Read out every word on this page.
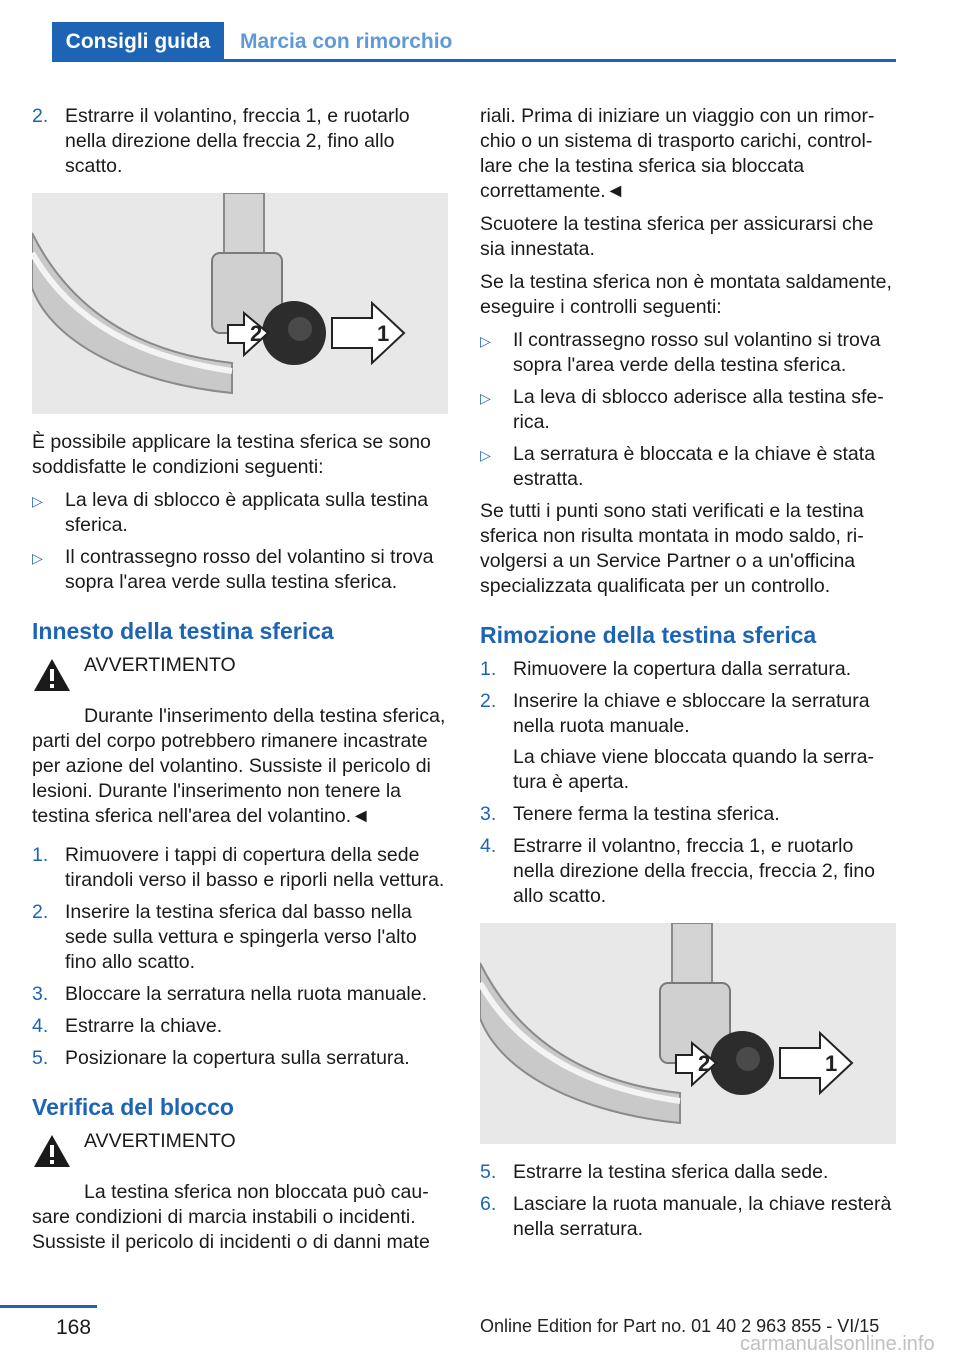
Consigli guida	Marcia con rimorchio
2. Estrarre il volantino, freccia 1, e ruotarlo nella direzione della freccia 2, fino allo scatto.
1
2

È possibile applicare la testina sferica se sono soddisfatte le condizioni seguenti:

▷	La leva di sblocco è applicata sulla testina sferica.
▷	Il contrassegno rosso del volantino si trova sopra l'area verde sulla testina sferica.
Innesto della testina sferica
AVVERTIMENTO

Durante l'inserimento della testina sferica, parti del corpo potrebbero rimanere incastrate per azione del volantino. Sussiste il pericolo di lesioni. Durante l'inserimento non tenere la testina sferica nell'area del volantino.◄

1. Rimuovere i tappi di copertura della sede tirandoli verso il basso e riporli nella vettura.
2. Inserire la testina sferica dal basso nella sede sulla vettura e spingerla verso l'alto fino allo scatto.
3. Bloccare la serratura nella ruota manuale.
4. Estrarre la chiave.
5. Posizionare la copertura sulla serratura.
Verifica del blocco
AVVERTIMENTO

La testina sferica non bloccata può causare condizioni di marcia instabili o incidenti. Sussiste il pericolo di incidenti o di danni mate

riali. Prima di iniziare un viaggio con un rimorchio o un sistema di trasporto carichi, controllare che la testina sferica sia bloccata correttamente.◄

Scuotere la testina sferica per assicurarsi che sia innestata.

Se la testina sferica non è montata saldamente, eseguire i controlli seguenti:

▷	Il contrassegno rosso sul volantino si trova sopra l'area verde della testina sferica.
▷	La leva di sblocco aderisce alla testina sferica.
▷	La serratura è bloccata e la chiave è stata estratta.

Se tutti i punti sono stati verificati e la testina sferica non risulta montata in modo saldo, rivolgersi a un Service Partner o a un'officina specializzata qualificata per un controllo.

Rimozione della testina sferica
1. Rimuovere la copertura dalla serratura.
2. Inserire la chiave e sbloccare la serratura nella ruota manuale.
La chiave viene bloccata quando la serratura è aperta.
3. Tenere ferma la testina sferica.
4. Estrarre il volantno, freccia 1, e ruotarlo nella direzione della freccia, freccia 2, fino allo scatto.
1
2
5. Estrarre la testina sferica dalla sede.
6. Lasciare la ruota manuale, la chiave resterà nella serratura.
168	Online Edition for Part no. 01 40 2 963 855 - VI/15
carmanualsonline.info
